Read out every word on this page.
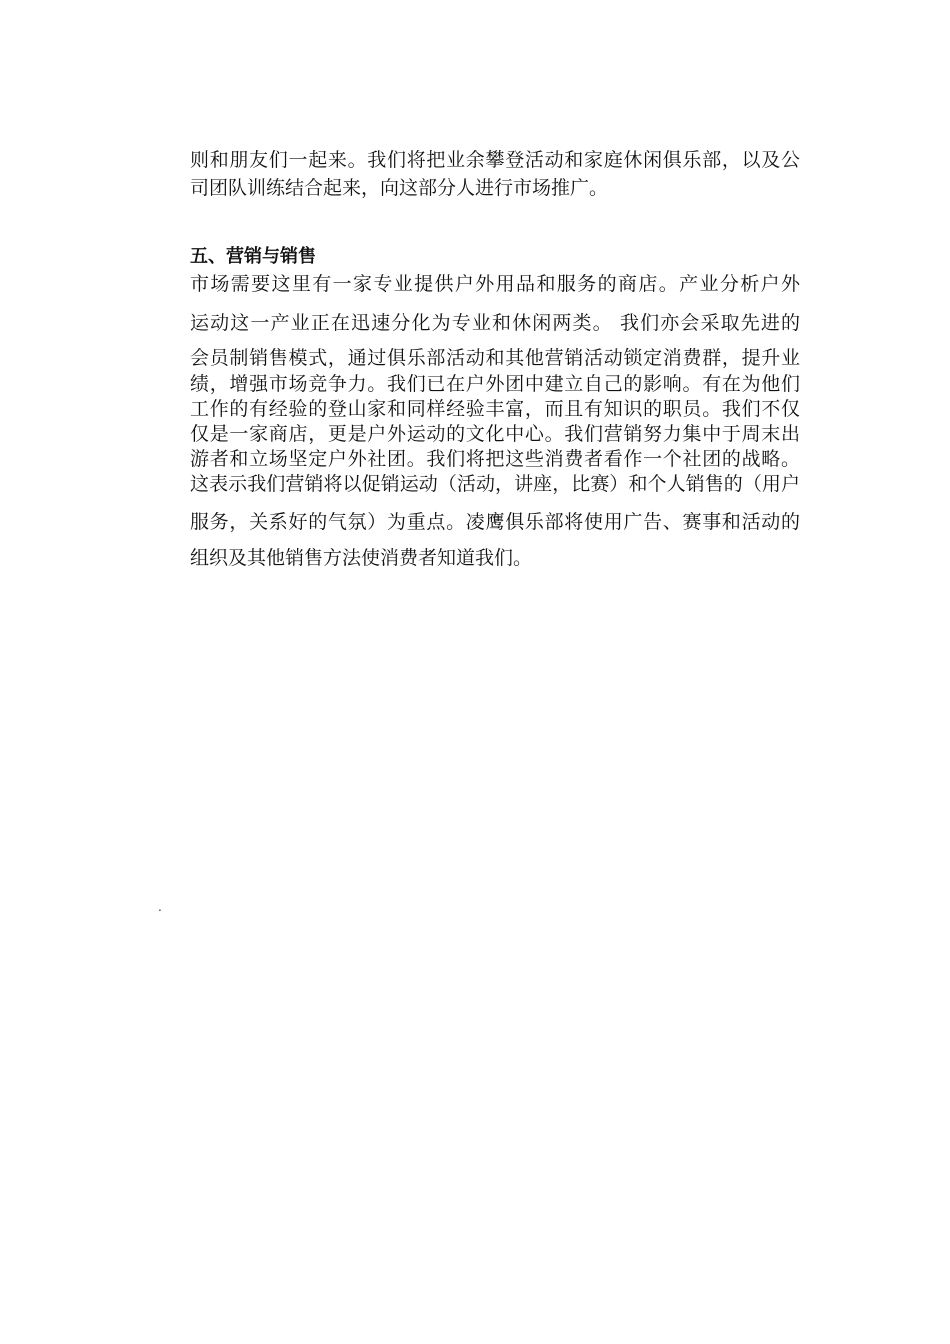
则和朋友们一起来。我们将把业余攀登活动和家庭休闲俱乐部，以及公
司团队训练结合起来，向这部分人进行市场推广。
五、营销与销售
市场需要这里有一家专业提供户外用品和服务的商店。产业分析户外
运动这一产业正在迅速分化为专业和休闲两类。 我们亦会采取先进的
会员制销售模式，通过俱乐部活动和其他营销活动锁定消费群，提升业
绩，增强市场竞争力。我们已在户外团中建立自己的影响。有在为他们
工作的有经验的登山家和同样经验丰富，而且有知识的职员。我们不仅
仅是一家商店，更是户外运动的文化中心。我们营销努力集中于周末出
游者和立场坚定户外社团。我们将把这些消费者看作一个社团的战略。
这表示我们营销将以促销运动（活动，讲座，比赛）和个人销售的（用户
服务，关系好的气氛）为重点。凌鹰俱乐部将使用广告、赛事和活动的
组织及其他销售方法使消费者知道我们。
.
